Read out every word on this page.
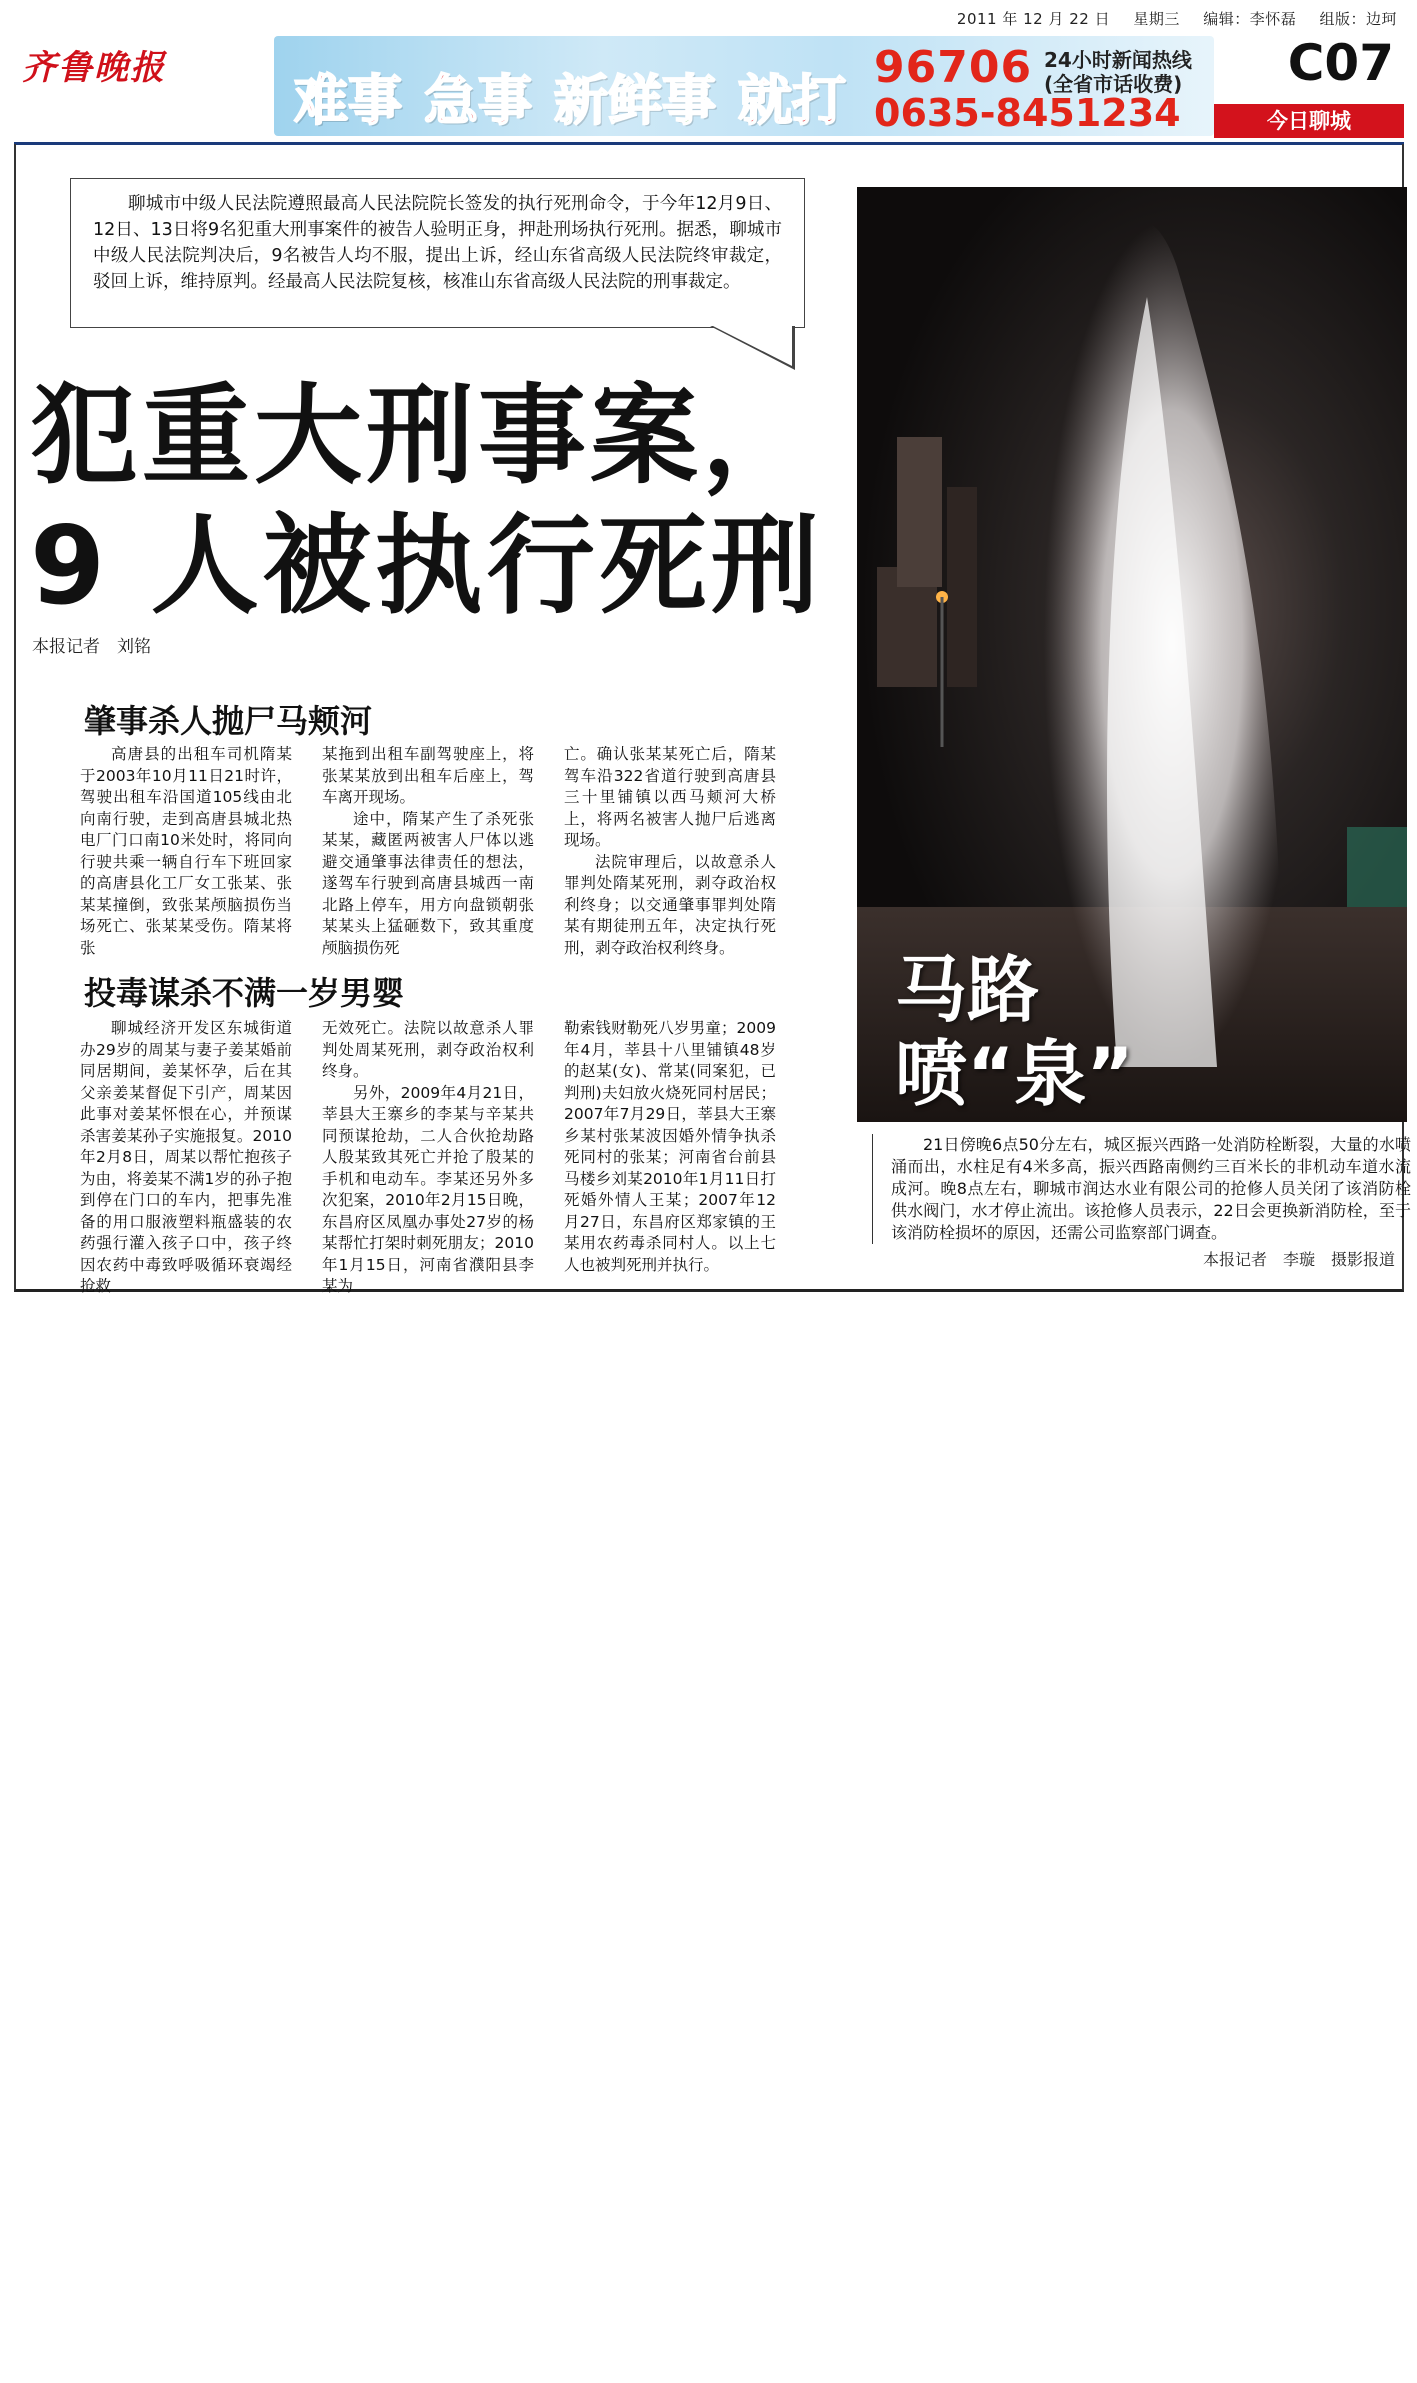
2011 年 12 月 22 日 星期三 编辑：李怀磊 组版：边珂
齐鲁晚报
难事 急事 新鲜事 就打
96706
0635-8451234
24小时新闻热线
(全省市话收费) C07
今日聊城
聊城市中级人民法院遵照最高人民法院院长签发的执行死刑命令，于今年12月9日、12日、13日将9名犯重大刑事案件的被告人验明正身，押赴刑场执行死刑。据悉，聊城市中级人民法院判决后，9名被告人均不服，提出上诉，经山东省高级人民法院终审裁定，驳回上诉，维持原判。经最高人民法院复核，核准山东省高级人民法院的刑事裁定。
犯重大刑事案，
9 人被执行死刑
本报记者　刘铭
肇事杀人抛尸马颊河

高唐县的出租车司机隋某于2003年10月11日21时许，驾驶出租车沿国道105线由北向南行驶，走到高唐县城北热电厂门口南10米处时，将同向行驶共乘一辆自行车下班回家的高唐县化工厂女工张某、张某某撞倒，致张某颅脑损伤当场死亡、张某某受伤。隋某将张

某拖到出租车副驾驶座上，将张某某放到出租车后座上，驾车离开现场。

途中，隋某产生了杀死张某某，藏匿两被害人尸体以逃避交通肇事法律责任的想法，遂驾车行驶到高唐县城西一南北路上停车，用方向盘锁朝张某某头上猛砸数下，致其重度颅脑损伤死

亡。确认张某某死亡后，隋某驾车沿322省道行驶到高唐县三十里铺镇以西马颊河大桥上，将两名被害人抛尸后逃离现场。

法院审理后，以故意杀人罪判处隋某死刑，剥夺政治权利终身；以交通肇事罪判处隋某有期徒刑五年，决定执行死刑，剥夺政治权利终身。

投毒谋杀不满一岁男婴

聊城经济开发区东城街道办29岁的周某与妻子姜某婚前同居期间，姜某怀孕，后在其父亲姜某督促下引产，周某因此事对姜某怀恨在心，并预谋杀害姜某孙子实施报复。2010年2月8日，周某以帮忙抱孩子为由，将姜某不满1岁的孙子抱到停在门口的车内，把事先准备的用口服液塑料瓶盛装的农药强行灌入孩子口中，孩子终因农药中毒致呼吸循环衰竭经抢救

无效死亡。法院以故意杀人罪判处周某死刑，剥夺政治权利终身。

另外，2009年4月21日，莘县大王寨乡的李某与辛某共同预谋抢劫，二人合伙抢劫路人殷某致其死亡并抢了殷某的手机和电动车。李某还另外多次犯案，2010年2月15日晚，东昌府区凤凰办事处27岁的杨某帮忙打架时刺死朋友；2010年1月15日，河南省濮阳县李某为

勒索钱财勒死八岁男童；2009年4月，莘县十八里铺镇48岁的赵某(女)、常某(同案犯，已判刑)夫妇放火烧死同村居民；2007年7月29日，莘县大王寨乡某村张某波因婚外情争执杀死同村的张某；河南省台前县马楼乡刘某2010年1月11日打死婚外情人王某；2007年12月27日，东昌府区郑家镇的王某用农药毒杀同村人。以上七人也被判死刑并执行。

马路
喷“泉”
21日傍晚6点50分左右，城区振兴西路一处消防栓断裂，大量的水喷涌而出，水柱足有4米多高，振兴西路南侧约三百米长的非机动车道水流成河。晚8点左右，聊城市润达水业有限公司的抢修人员关闭了该消防栓供水阀门，水才停止流出。该抢修人员表示，22日会更换新消防栓，至于该消防栓损坏的原因，还需公司监察部门调查。
本报记者　李璇　摄影报道
